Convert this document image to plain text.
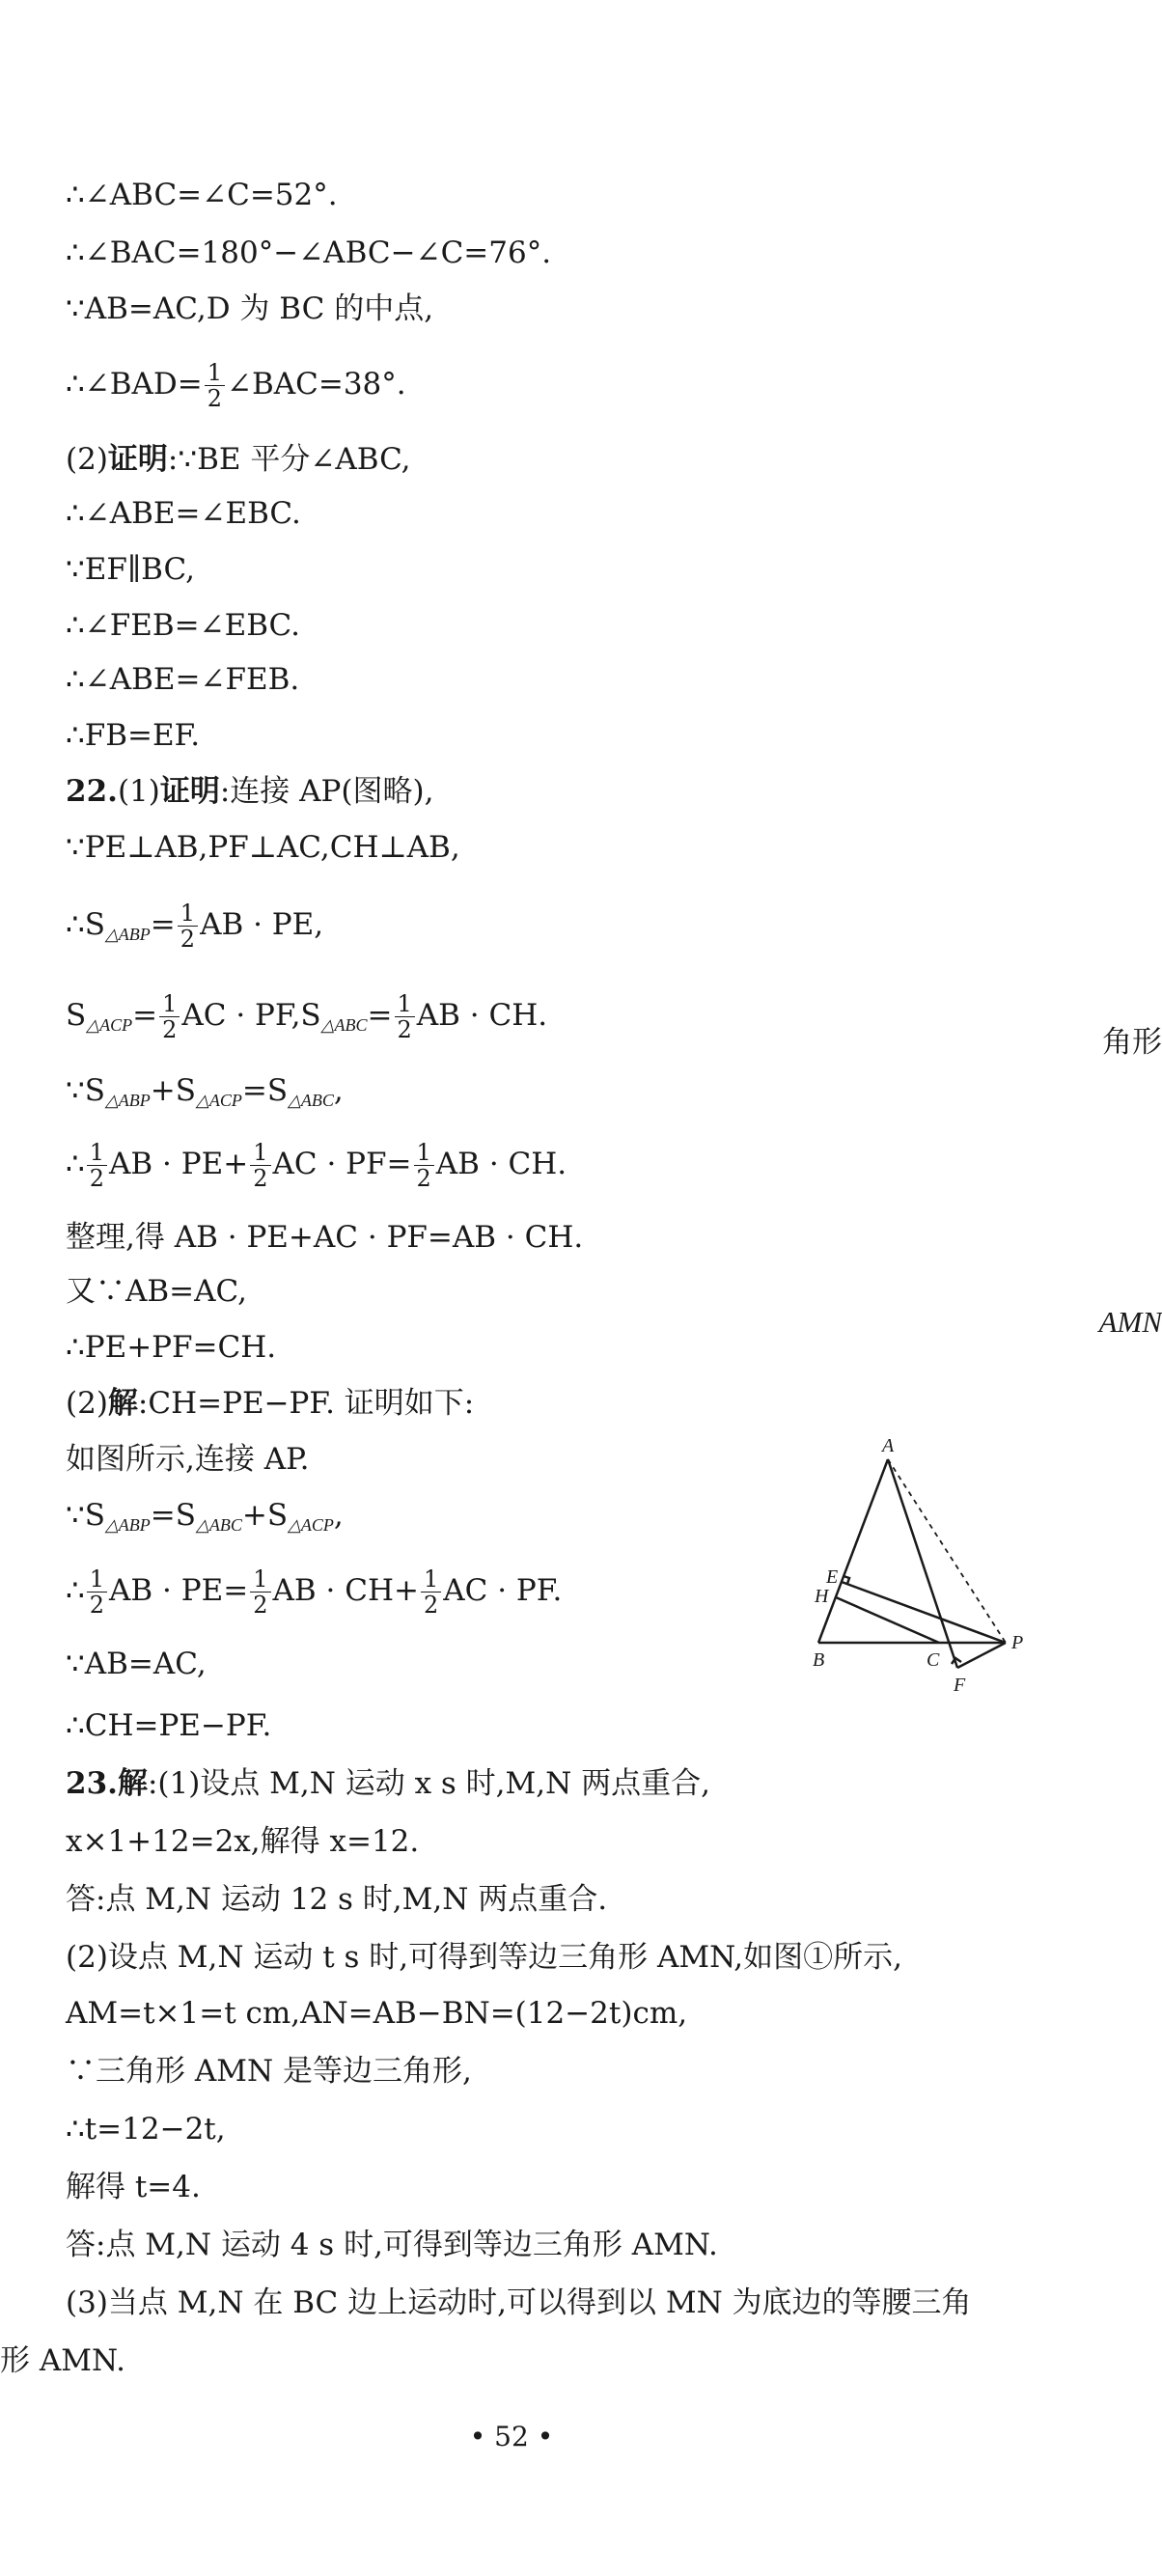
∴∠ABC=∠C=52°.
∴∠BAC=180°−∠ABC−∠C=76°.
∵AB=AC,D 为 BC 的中点,
∴∠BAD= $\frac{1}{2}$ ∠BAC=38°.
(2)证明:∵BE 平分∠ABC,
∴∠ABE=∠EBC.
∵EF∥BC,
∴∠FEB=∠EBC.
∴∠ABE=∠FEB.
∴FB=EF.
22.(1)证明:连接 AP(图略),
∵PE⊥AB,PF⊥AC,CH⊥AB,
$\therefore S_{\triangle ABP}= \frac{1}{2}$ AB · PE,
$S_{\triangle ACP}= \frac{1}{2}$ AC · $PF,S_{\triangle ABC}= \frac{1}{2}$ AB · CH.
$\because S_{\triangle ABP}+S_{\triangle ACP}=S_{\triangle ABC}$,
∴ $\frac{1}{2}$ AB · $PE+ \frac{1}{2}$ AC · $PF= \frac{1}{2}$ AB · CH.
整理,得 AB · PE+AC · PF=AB · CH.
又∵AB=AC,
∴PE+PF=CH.
(2)解:CH=PE−PF. 证明如下:
如图所示,连接 AP.
$\because S_{\triangle ABP}=S_{\triangle ABC}+S_{\triangle ACP}$,
∴ $\frac{1}{2}$ AB · $PE= \frac{1}{2}$ AB · $CH+ \frac{1}{2}$ AC · PF.
∵AB=AC,
∴CH=PE−PF.
23.解:(1)设点 M,N 运动 x s 时,M,N 两点重合,
x×1+12=2x,解得 x=12.
答:点 M,N 运动 12 s 时,M,N 两点重合.
(2)设点 M,N 运动 t s 时,可得到等边三角形 AMN,如图①所示,
AM=t×1=t cm,AN=AB−BN=(12−2t)cm,
∵三角形 AMN 是等边三角形,
∴t=12−2t,
解得 t=4.
答:点 M,N 运动 4 s 时,可得到等边三角形 AMN.
(3)当点 M,N 在 BC 边上运动时,可以得到以 MN 为底边的等腰三角
形 AMN.
角形
AMN
A
E
H
B	C
F
P
• 52 •
